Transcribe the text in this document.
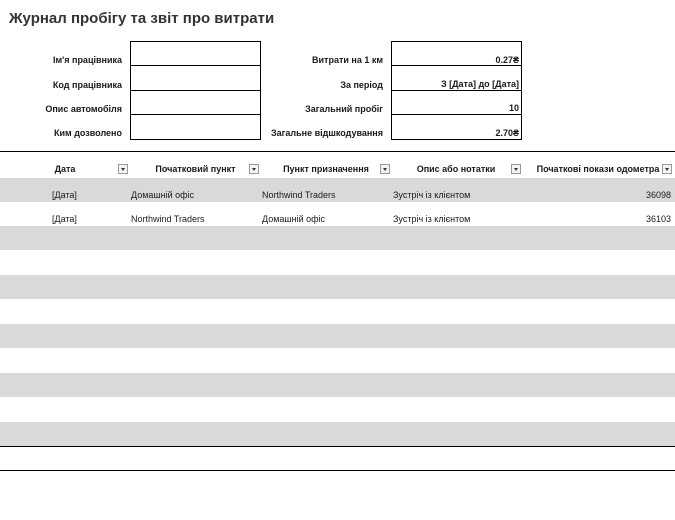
Журнал пробігу та звіт про витрати
Ім'я працівника
Код працівника
Опис автомобіля
Ким дозволено
Витрати на 1 км	0.27₴
За період	З [Дата] до [Дата]
Загальний пробіг	10
Загальне відшкодування	2.70₴
Дата	Початковий пункт	Пункт призначення	Опис або нотатки	Початкові покази одометра
[Дата]	Домашній офіс	Northwind Traders	Зустріч із клієнтом	36098
[Дата]	Northwind Traders	Домашній офіс	Зустріч із клієнтом	36103
